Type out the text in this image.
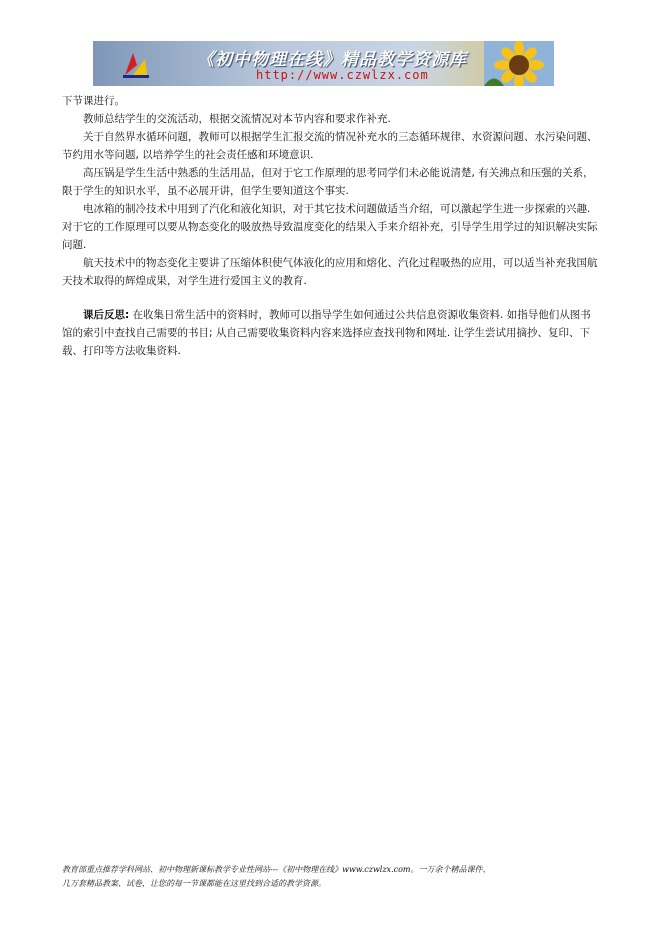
《初中物理在线》精品教学资源库
http://www.czwlzx.com

下节课进行。

教师总结学生的交流活动，根据交流情况对本节内容和要求作补充.

关于自然界水循环问题，教师可以根据学生汇报交流的情况补充水的三态循环规律、水资源问题、水污染问题、节约用水等问题, 以培养学生的社会责任感和环境意识.

高压锅是学生生活中熟悉的生活用品，但对于它工作原理的思考同学们未必能说清楚, 有关沸点和压强的关系，限于学生的知识水平，虽不必展开讲，但学生要知道这个事实.

电冰箱的制冷技术中用到了汽化和液化知识，对于其它技术问题做适当介绍，可以激起学生进一步探索的兴趣. 对于它的工作原理可以要从物态变化的吸放热导致温度变化的结果入手来介绍补充，引导学生用学过的知识解决实际问题.

航天技术中的物态变化主要讲了压缩体积使气体液化的应用和熔化、汽化过程吸热的应用，可以适当补充我国航天技术取得的辉煌成果，对学生进行爱国主义的教育.

课后反思: 在收集日常生活中的资料时，教师可以指导学生如何通过公共信息资源收集资料. 如指导他们从图书馆的索引中查找自己需要的书目; 从自己需要收集资料内容来选择应查找刊物和网址. 让学生尝试用摘抄、复印、下载、打印等方法收集资料.

教育部重点推荐学科网站、初中物理新课标教学专业性网站---《初中物理在线》www.czwlzx.com。一万余个精品课件、
几万套精品教案、试卷，让您的每一节课都能在这里找到合适的教学资源。
